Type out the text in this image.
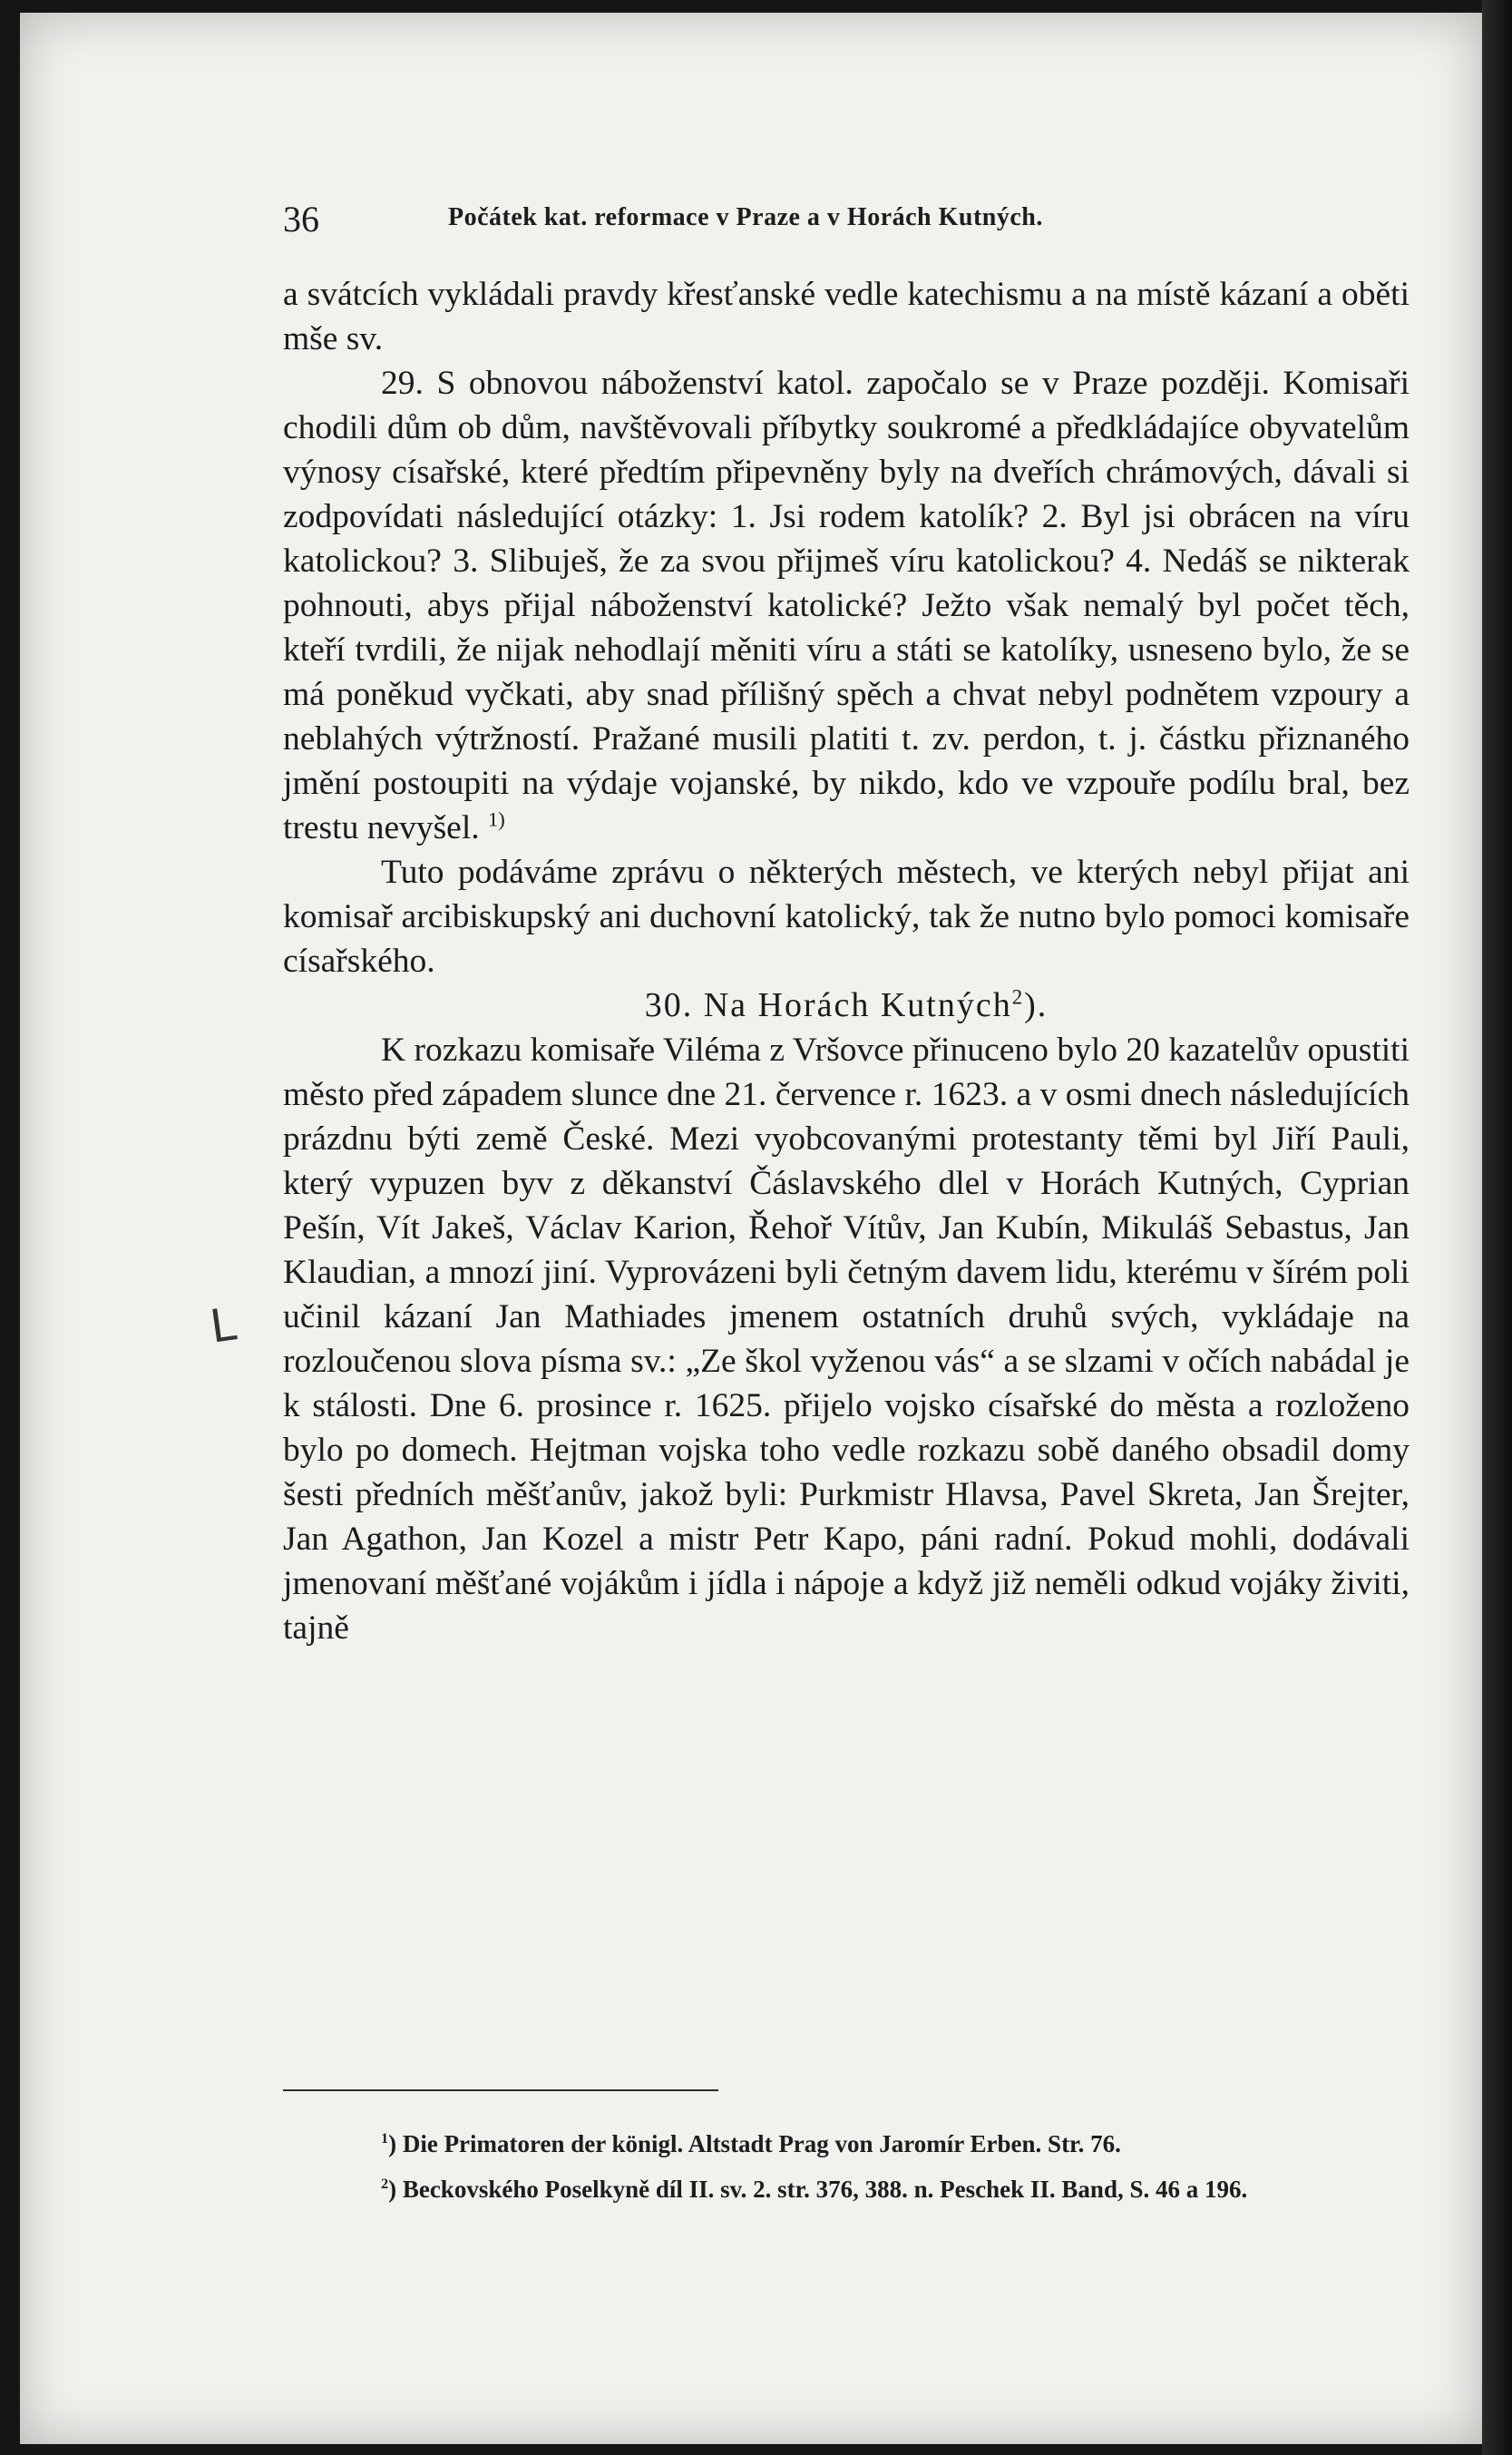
36	Počátek kat. reformace v Praze a v Horách Kutných.
L

a svátcích vykládali pravdy křesťanské vedle katechismu a na místě kázaní a oběti mše sv.

29. S obnovou náboženství katol. započalo se v Praze později. Komisaři chodili dům ob dům, navštěvovali příbytky soukromé a předkládajíce obyvatelům výnosy císařské, které předtím připevněny byly na dveřích chrámových, dávali si zodpovídati následující otázky: 1. Jsi rodem katolík? 2. Byl jsi obrácen na víru katolickou? 3. Slibuješ, že za svou přijmeš víru katolickou? 4. Nedáš se nikterak pohnouti, abys přijal náboženství katolické? Ježto však nemalý byl počet těch, kteří tvrdili, že nijak nehodlají měniti víru a státi se katolíky, usneseno bylo, že se má poněkud vyčkati, aby snad přílišný spěch a chvat nebyl podnětem vzpoury a neblahých výtržností. Pražané musili platiti t. zv. perdon, t. j. částku přiznaného jmění postoupiti na výdaje vojanské, by nikdo, kdo ve vzpouře podílu bral, bez trestu nevyšel. $^{1)}$

Tuto podáváme zprávu o některých městech, ve kterých nebyl přijat ani komisař arcibiskupský ani duchovní katolický, tak že nutno bylo pomoci komisaře císařského.

30. Na Horách Kutných$^2$).

K rozkazu komisaře Viléma z Vršovce přinuceno bylo 20 kazatelův opustiti město před západem slunce dne 21. července r. 1623. a v osmi dnech následujících prázdnu býti země České. Mezi vyobcovanými protestanty těmi byl Jiří Pauli, který vypuzen byv z děkanství Čáslavského dlel v Horách Kutných, Cyprian Pešín, Vít Jakeš, Václav Karion, Řehoř Vítův, Jan Kubín, Mikuláš Sebastus, Jan Klaudian, a mnozí jiní. Vyprovázeni byli četným davem lidu, kterému v šírém poli učinil kázaní Jan Mathiades jmenem ostatních druhů svých, vykládaje na rozloučenou slova písma sv.: „Ze škol vyženou vás“ a se slzami v očích nabádal je k stálosti. Dne 6. prosince r. 1625. přijelo vojsko císařské do města a rozloženo bylo po domech. Hejtman vojska toho vedle rozkazu sobě daného obsadil domy šesti předních měšťanův, jakož byli: Purkmistr Hlavsa, Pavel Skreta, Jan Šrejter, Jan Agathon, Jan Kozel a mistr Petr Kapo, páni radní. Pokud mohli, dodávali jmenovaní měšťané vojákům i jídla i nápoje a když již neměli odkud vojáky živiti, tajně

$^1$) Die Primatoren der königl. Altstadt Prag von Jaromír Erben. Str. 76.

$^2$) Beckovského Poselkyně díl II. sv. 2. str. 376, 388. n. Peschek II. Band, S. 46 a 196.
